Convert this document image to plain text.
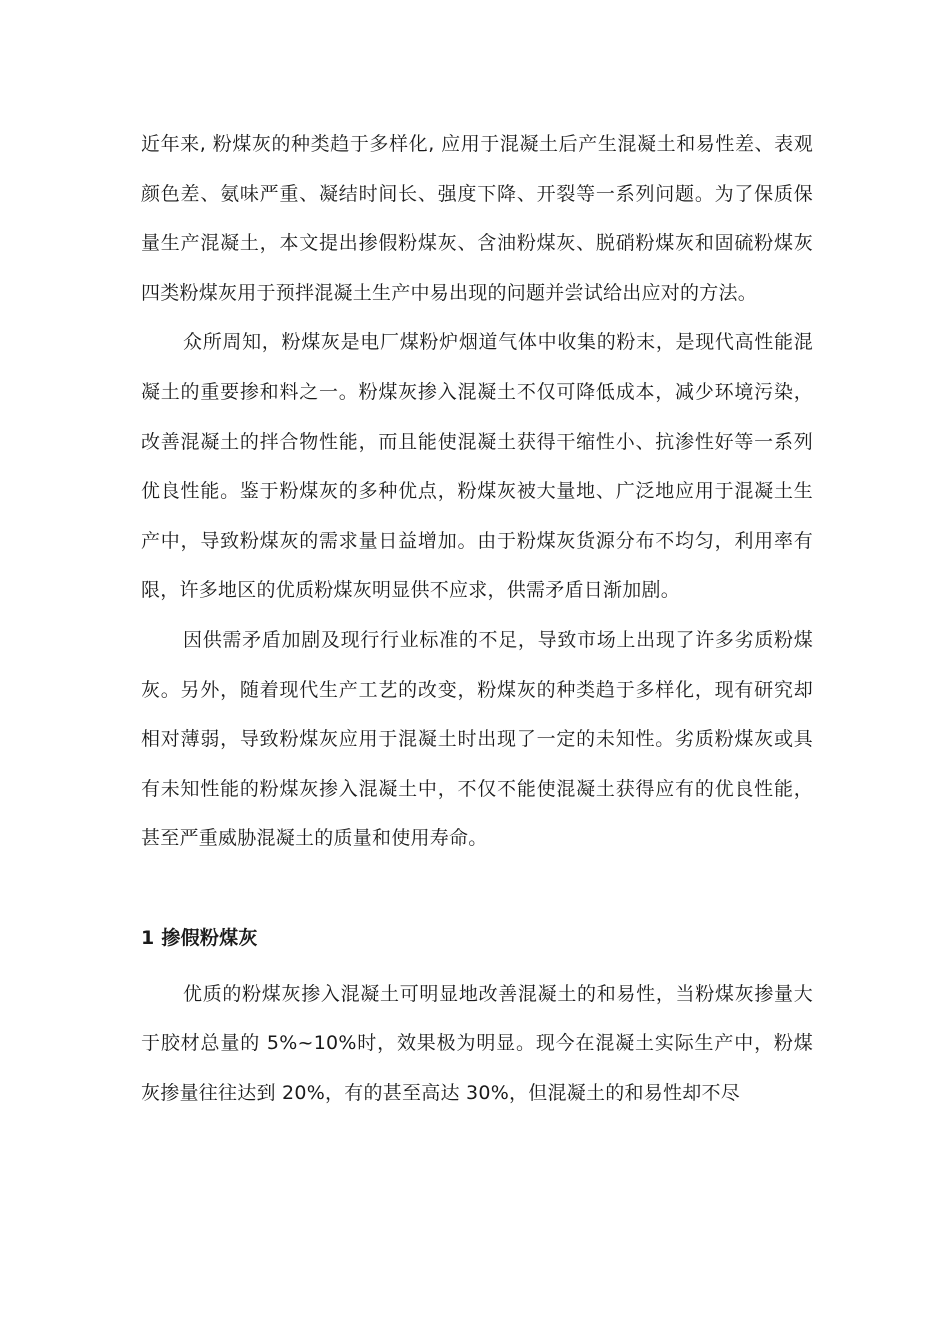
近年来, 粉煤灰的种类趋于多样化, 应用于混凝土后产生混凝土和易性差、表观颜色差、氨味严重、凝结时间长、强度下降、开裂等一系列问题。为了保质保量生产混凝土，本文提出掺假粉煤灰、含油粉煤灰、脱硝粉煤灰和固硫粉煤灰四类粉煤灰用于预拌混凝土生产中易出现的问题并尝试给出应对的方法。

众所周知，粉煤灰是电厂煤粉炉烟道气体中收集的粉末，是现代高性能混凝土的重要掺和料之一。粉煤灰掺入混凝土不仅可降低成本，减少环境污染，改善混凝土的拌合物性能，而且能使混凝土获得干缩性小、抗渗性好等一系列优良性能。鉴于粉煤灰的多种优点，粉煤灰被大量地、广泛地应用于混凝土生产中，导致粉煤灰的需求量日益增加。由于粉煤灰货源分布不均匀，利用率有限，许多地区的优质粉煤灰明显供不应求，供需矛盾日渐加剧。

因供需矛盾加剧及现行行业标准的不足，导致市场上出现了许多劣质粉煤灰。另外，随着现代生产工艺的改变，粉煤灰的种类趋于多样化，现有研究却相对薄弱，导致粉煤灰应用于混凝土时出现了一定的未知性。劣质粉煤灰或具有未知性能的粉煤灰掺入混凝土中，不仅不能使混凝土获得应有的优良性能，甚至严重威胁混凝土的质量和使用寿命。

1 掺假粉煤灰

优质的粉煤灰掺入混凝土可明显地改善混凝土的和易性，当粉煤灰掺量大于胶材总量的 5%~10%时，效果极为明显。现今在混凝土实际生产中，粉煤灰掺量往往达到 20%，有的甚至高达 30%，但混凝土的和易性却不尽
